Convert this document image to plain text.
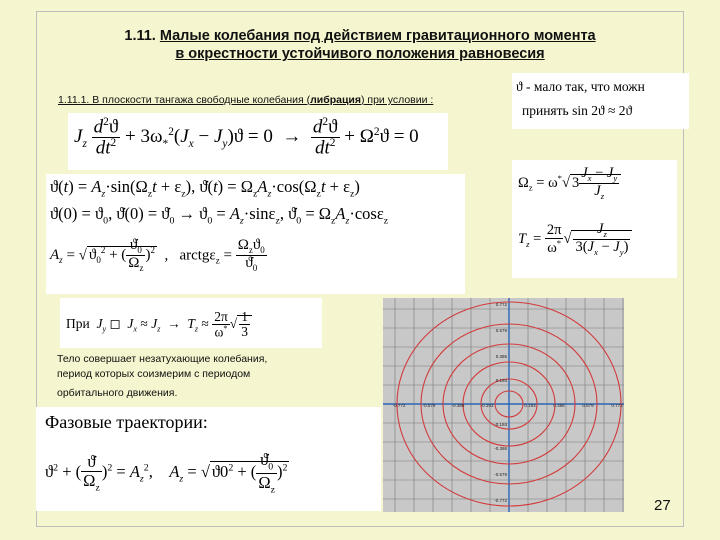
1.11. Малые колебания под действием гравитационного момента
в окрестности устойчивого положения равновесия
1.11.1. В плоскости тангажа свободные колебания (либрация) при условии :
ϑ - мало так, что можн
принять sin 2ϑ ≈ 2ϑ
$J_z \frac{d^2ϑ}{dt^2} + 3\omega_*^2(J_x - J_y)ϑ = 0 \to \frac{d^2ϑ}{dt^2} + \Omega^2ϑ = 0$
$ϑ(t) = A_z\cdot\sin(\Omega_zt + \varepsilon_z)$, ϑ̇(t) = $\Omega_zA_z\cdot\cos(\Omega_zt + \varepsilon_z)$
$ϑ(0) = ϑ_0$, ϑ̇(0) = $ϑ̇_0 \to ϑ_0 = A_z\cdot\sin\varepsilon_z$, $ϑ̇_0 = \Omega_zA_z\cdot\cos\varepsilon_z$
$A_z$ = √ $ϑ_0^2$ + ( $\frac{ϑ̇_0}{\Omega_z} )^2$  ,   arctgε$_z$ = $\frac{\Omega_zϑ_0}{ϑ̇_0}$
$\Omega_z = \omega^*√$ $3 \frac{J_x - J_y}{J_z}$
$T_z = \frac{2\pi}{\omega^*}$ √ $\frac{J_z}{3(J_x - J_y)}$
При $J_y$ ◻  $J_x \approx J_z \to T_z \approx \frac{2\pi}{\omega^*}$ √ $\frac{1}{3}$
Тело совершает незатухающие колебания,
период которых соизмерим с периодом
орбитального движения.
Фазовые траектории:
$ϑ^2$ + ( $\frac{ϑ̇}{\Omega_z} )^2 = A_z^2$,    $A_z$ = √ $ϑ0^2$ + ( $\frac{ϑ̇_0}{\Omega_z} )^2$
-0.772	-0.579	-0.386	-0.193	0.193	0.386	0.579	0.772
0.772
0.579
0.386
0.193
-0.193
-0.386
-0.579
-0.772	27
